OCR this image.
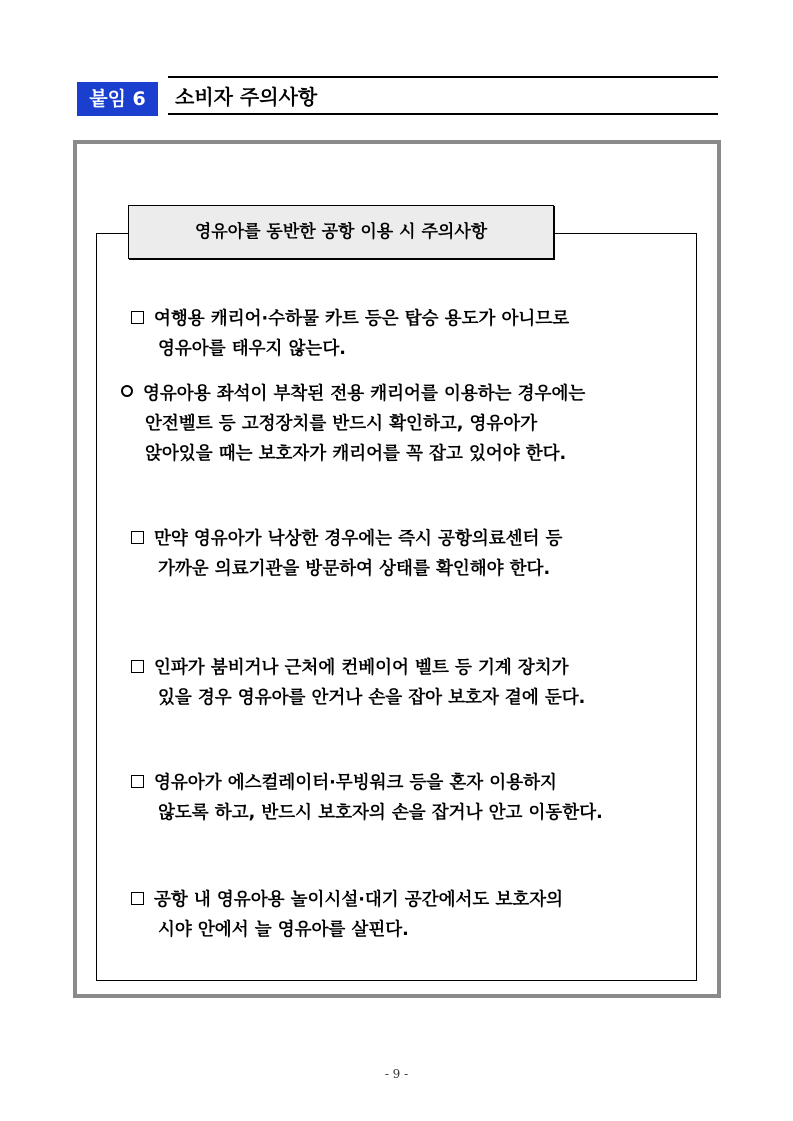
붙임 6	소비자 주의사항
여행용 캐리어·수하물 카트 등은 탑승 용도가 아니므로
영유아를 태우지 않는다.
영유아용 좌석이 부착된 전용 캐리어를 이용하는 경우에는
안전벨트 등 고정장치를 반드시 확인하고, 영유아가
앉아있을 때는 보호자가 캐리어를 꼭 잡고 있어야 한다.
만약 영유아가 낙상한 경우에는 즉시 공항의료센터 등
가까운 의료기관을 방문하여 상태를 확인해야 한다.
인파가 붐비거나 근처에 컨베이어 벨트 등 기계 장치가
있을 경우 영유아를 안거나 손을 잡아 보호자 곁에 둔다.
영유아가 에스컬레이터·무빙워크 등을 혼자 이용하지
않도록 하고, 반드시 보호자의 손을 잡거나 안고 이동한다.
공항 내 영유아용 놀이시설·대기 공간에서도 보호자의
시야 안에서 늘 영유아를 살핀다.
영유아를 동반한 공항 이용 시 주의사항
- 9 -
